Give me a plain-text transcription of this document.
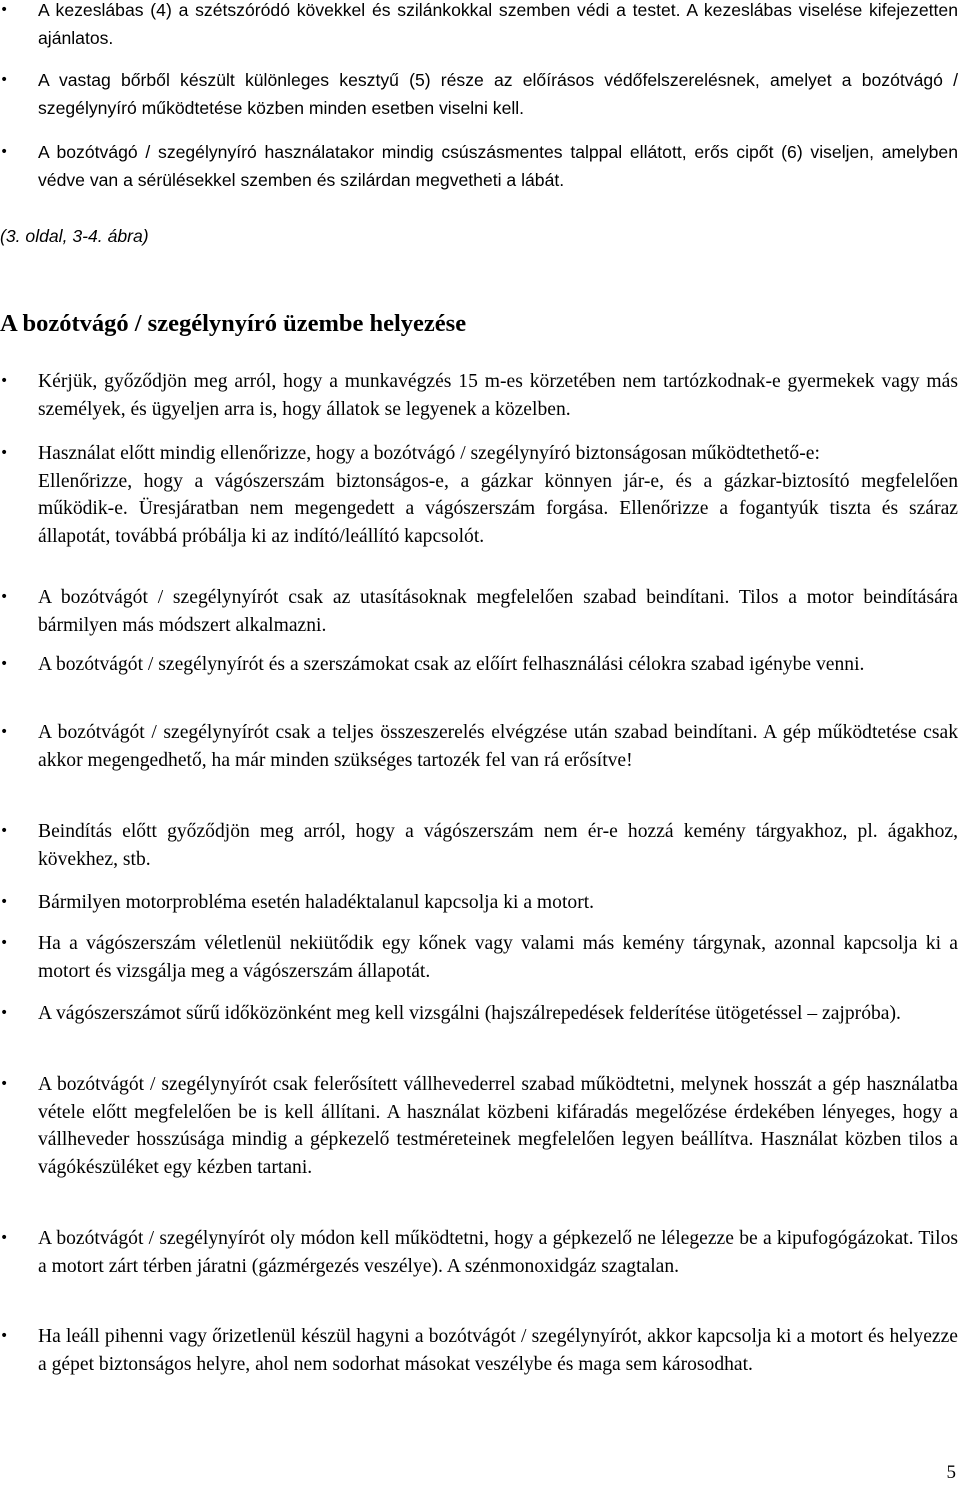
•	A kezeslábas (4) a szétszóródó kövekkel és szilánkokkal szemben védi a testet. A kezeslábas viselése kifejezetten ajánlatos.
•	A vastag bőrből készült különleges kesztyű (5) része az előírásos védőfelszerelésnek, amelyet a bozótvágó / szegélynyíró működtetése közben minden esetben viselni kell.
•	A bozótvágó / szegélynyíró használatakor mindig csúszásmentes talppal ellátott, erős cipőt (6) viseljen, amelyben védve van a sérülésekkel szemben és szilárdan megvetheti a lábát.
(3. oldal, 3-4. ábra)
A bozótvágó / szegélynyíró üzembe helyezése
•	Kérjük, győződjön meg arról, hogy a munkavégzés 15 m-es körzetében nem tartózkodnak-e gyermekek vagy más személyek, és ügyeljen arra is, hogy állatok se legyenek a közelben.
•	Használat előtt mindig ellenőrizze, hogy a bozótvágó / szegélynyíró biztonságosan működtethető-e:
Ellenőrizze, hogy a vágószerszám biztonságos-e, a gázkar könnyen jár-e, és a gázkar-biztosító megfelelően működik-e. Üresjáratban nem megengedett a vágószerszám forgása. Ellenőrizze a fogantyúk tiszta és száraz állapotát, továbbá próbálja ki az indító/leállító kapcsolót.
•	A bozótvágót / szegélynyírót csak az utasításoknak megfelelően szabad beindítani. Tilos a motor beindítására bármilyen más módszert alkalmazni.
•	A bozótvágót / szegélynyírót és a szerszámokat csak az előírt felhasználási célokra szabad igénybe venni.
•	A bozótvágót / szegélynyírót csak a teljes összeszerelés elvégzése után szabad beindítani. A gép működtetése csak akkor megengedhető, ha már minden szükséges tartozék fel van rá erősítve!
•	Beindítás előtt győződjön meg arról, hogy a vágószerszám nem ér-e hozzá kemény tárgyakhoz, pl. ágakhoz, kövekhez, stb.
•	Bármilyen motorprobléma esetén haladéktalanul kapcsolja ki a motort.
•	Ha a vágószerszám véletlenül nekiütődik egy kőnek vagy valami más kemény tárgynak, azonnal kapcsolja ki a motort és vizsgálja meg a vágószerszám állapotát.
•	A vágószerszámot sűrű időközönként meg kell vizsgálni (hajszálrepedések felderítése ütögetéssel – zajpróba).
•	A bozótvágót / szegélynyírót csak felerősített vállhevederrel szabad működtetni, melynek hosszát a gép használatba vétele előtt megfelelően be is kell állítani. A használat közbeni kifáradás megelőzése érdekében lényeges, hogy a vállheveder hosszúsága mindig a gépkezelő testméreteinek megfelelően legyen beállítva. Használat közben tilos a vágókészüléket egy kézben tartani.
•	A bozótvágót / szegélynyírót oly módon kell működtetni, hogy a gépkezelő ne lélegezze be a kipufogógázokat. Tilos a motort zárt térben járatni (gázmérgezés veszélye). A szénmonoxidgáz szagtalan.
•	Ha leáll pihenni vagy őrizetlenül készül hagyni a bozótvágót / szegélynyírót, akkor kapcsolja ki a motort és helyezze a gépet biztonságos helyre, ahol nem sodorhat másokat veszélybe és maga sem károsodhat.
5
